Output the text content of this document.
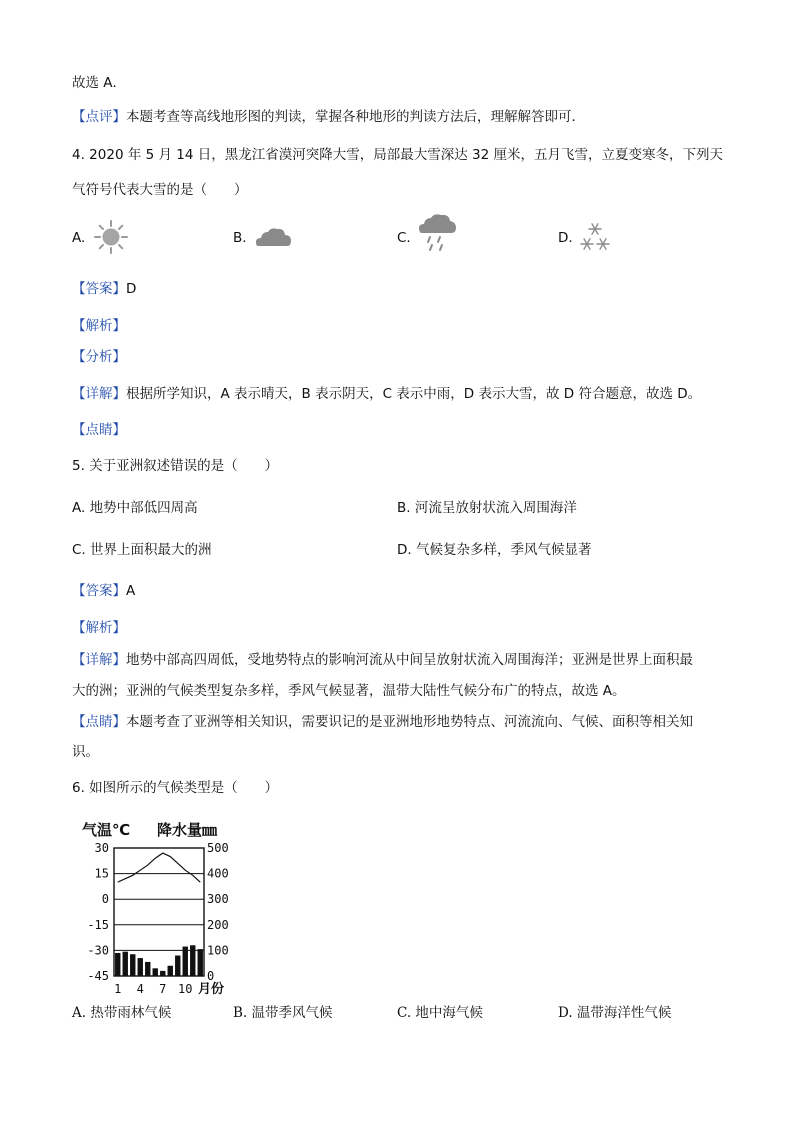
故选 A．
【点评】本题考查等高线地形图的判读，掌握各种地形的判读方法后，理解解答即可．
4. 2020 年 5 月 14 日，黑龙江省漠河突降大雪，局部最大雪深达 32 厘米，五月飞雪，立夏变寒冬，下列天
气符号代表大雪的是（　　）
A.	B.	C.	D.
【答案】D
【解析】
【分析】
【详解】根据所学知识，A 表示晴天，B 表示阴天，C 表示中雨，D 表示大雪，故 D 符合题意，故选 D。
【点睛】
5. 关于亚洲叙述错误的是（　　）
A. 地势中部低四周高	B. 河流呈放射状流入周围海洋
C. 世界上面积最大的洲	D. 气候复杂多样，季风气候显著
【答案】A
【解析】
【详解】地势中部高四周低，受地势特点的影响河流从中间呈放射状流入周围海洋；亚洲是世界上面积最
大的洲；亚洲的气候类型复杂多样，季风气候显著，温带大陆性气候分布广的特点，故选 A。
【点睛】本题考查了亚洲等相关知识，需要识记的是亚洲地形地势特点、河流流向、气候、面积等相关知
识。
6. 如图所示的气候类型是（　　）
气温℃ 降水量㎜
30
15
0
-15
-30
-45
500
400
300
200
100
0
1 4 7 10 月份
A. 热带雨林气候	B. 温带季风气候	C. 地中海气候	D. 温带海洋性气候
